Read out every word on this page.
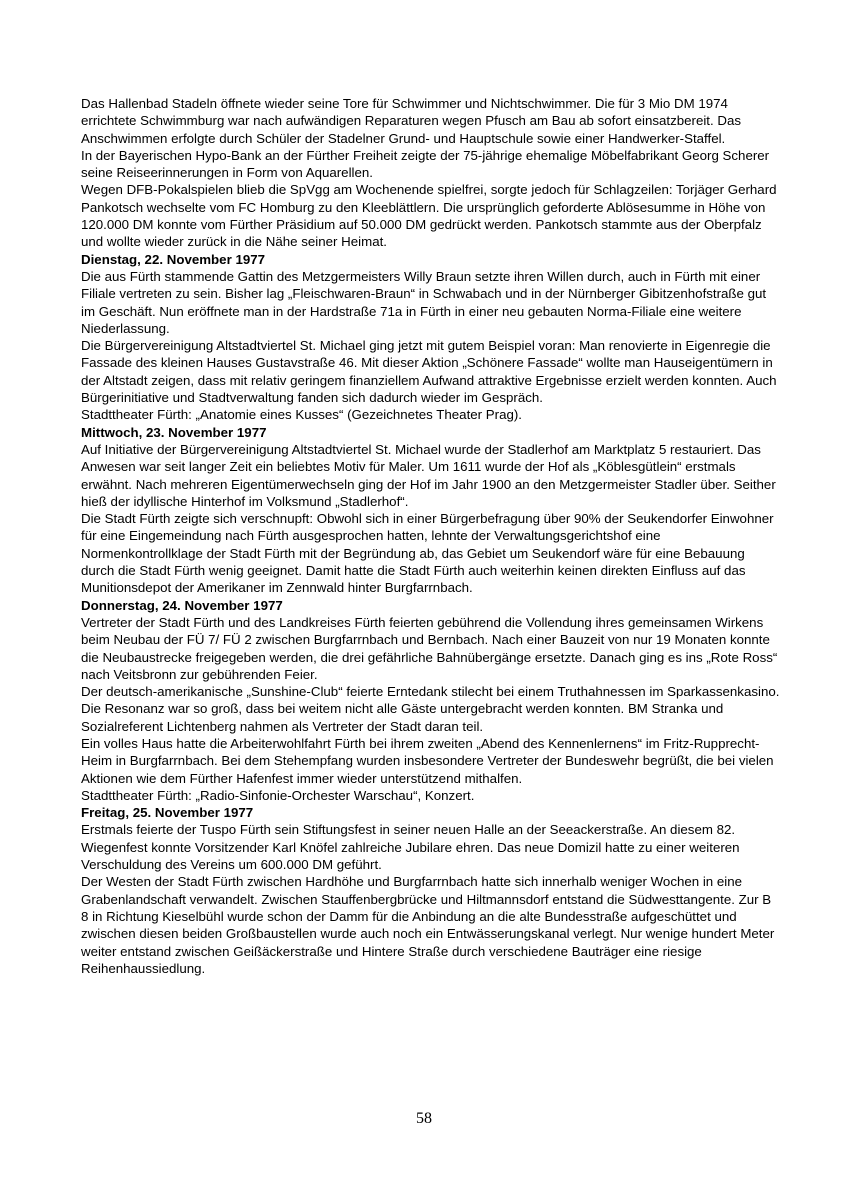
Das Hallenbad Stadeln öffnete wieder seine Tore für Schwimmer und Nichtschwimmer. Die für 3 Mio DM 1974 errichtete Schwimmburg war nach aufwändigen Reparaturen wegen Pfusch am Bau ab sofort einsatzbereit. Das Anschwimmen erfolgte durch Schüler der Stadelner Grund- und Hauptschule sowie einer Handwerker-Staffel.

In der Bayerischen Hypo-Bank an der Fürther Freiheit zeigte der 75-jährige ehemalige Möbelfabrikant Georg Scherer seine Reiseerinnerungen in Form von Aquarellen.

Wegen DFB-Pokalspielen blieb die SpVgg am Wochenende spielfrei, sorgte jedoch für Schlagzeilen: Torjäger Gerhard Pankotsch wechselte vom FC Homburg zu den Kleeblättlern. Die ursprünglich geforderte Ablösesumme in Höhe von 120.000 DM konnte vom Fürther Präsidium auf 50.000 DM gedrückt werden. Pankotsch stammte aus der Oberpfalz und wollte wieder zurück in die Nähe seiner Heimat.

Dienstag, 22. November 1977

Die aus Fürth stammende Gattin des Metzgermeisters Willy Braun setzte ihren Willen durch, auch in Fürth mit einer Filiale vertreten zu sein. Bisher lag „Fleischwaren-Braun“ in Schwabach und in der Nürnberger Gibitzenhofstraße gut im Geschäft. Nun eröffnete man in der Hardstraße 71a in Fürth in einer neu gebauten Norma-Filiale eine weitere Niederlassung.

Die Bürgervereinigung Altstadtviertel St. Michael ging jetzt mit gutem Beispiel voran: Man renovierte in Eigenregie die Fassade des kleinen Hauses Gustavstraße 46. Mit dieser Aktion „Schönere Fassade“ wollte man Hauseigentümern in der Altstadt zeigen, dass mit relativ geringem finanziellem Aufwand attraktive Ergebnisse erzielt werden konnten. Auch Bürgerinitiative und Stadtverwaltung fanden sich dadurch wieder im Gespräch.

Stadttheater Fürth: „Anatomie eines Kusses“ (Gezeichnetes Theater Prag).

Mittwoch, 23. November 1977

Auf Initiative der Bürgervereinigung Altstadtviertel St. Michael wurde der Stadlerhof am Marktplatz 5 restauriert. Das Anwesen war seit langer Zeit ein beliebtes Motiv für Maler. Um 1611 wurde der Hof als „Köblesgütlein“ erstmals erwähnt. Nach mehreren Eigentümerwechseln ging der Hof im Jahr 1900 an den Metzgermeister Stadler über. Seither hieß der idyllische Hinterhof im Volksmund „Stadlerhof“.

Die Stadt Fürth zeigte sich verschnupft: Obwohl sich in einer Bürgerbefragung über 90% der Seukendorfer Einwohner für eine Eingemeindung nach Fürth ausgesprochen hatten, lehnte der Verwaltungsgerichtshof eine Normenkontrollklage der Stadt Fürth mit der Begründung ab, das Gebiet um Seukendorf wäre für eine Bebauung durch die Stadt Fürth wenig geeignet. Damit hatte die Stadt Fürth auch weiterhin keinen direkten Einfluss auf das Munitionsdepot der Amerikaner im Zennwald hinter Burgfarrnbach.

Donnerstag, 24. November 1977

Vertreter der Stadt Fürth und des Landkreises Fürth feierten gebührend die Vollendung ihres gemeinsamen Wirkens beim Neubau der FÜ 7/ FÜ 2 zwischen Burgfarrnbach und Bernbach. Nach einer Bauzeit von nur 19 Monaten konnte die Neubaustrecke freigegeben werden, die drei gefährliche Bahnübergänge ersetzte. Danach ging es ins „Rote Ross“ nach Veitsbronn zur gebührenden Feier.

Der deutsch-amerikanische „Sunshine-Club“ feierte Erntedank stilecht bei einem Truthahnessen im Sparkassenkasino. Die Resonanz war so groß, dass bei weitem nicht alle Gäste untergebracht werden konnten. BM Stranka und Sozialreferent Lichtenberg nahmen als Vertreter der Stadt daran teil.

Ein volles Haus hatte die Arbeiterwohlfahrt Fürth bei ihrem zweiten „Abend des Kennenlernens“ im Fritz-Rupprecht-Heim in Burgfarrnbach. Bei dem Stehempfang wurden insbesondere Vertreter der Bundeswehr begrüßt, die bei vielen Aktionen wie dem Fürther Hafenfest immer wieder unterstützend mithalfen.

Stadttheater Fürth: „Radio-Sinfonie-Orchester Warschau“, Konzert.

Freitag, 25. November 1977

Erstmals feierte der Tuspo Fürth sein Stiftungsfest in seiner neuen Halle an der Seeackerstraße. An diesem 82. Wiegenfest konnte Vorsitzender Karl Knöfel zahlreiche Jubilare ehren. Das neue Domizil hatte zu einer weiteren Verschuldung des Vereins um 600.000 DM geführt.

Der Westen der Stadt Fürth zwischen Hardhöhe und Burgfarrnbach hatte sich innerhalb weniger Wochen in eine Grabenlandschaft verwandelt. Zwischen Stauffenbergbrücke und Hiltmannsdorf entstand die Südwesttangente. Zur B 8 in Richtung Kieselbühl wurde schon der Damm für die Anbindung an die alte Bundesstraße aufgeschüttet und zwischen diesen beiden Großbaustellen wurde auch noch ein Entwässerungskanal verlegt. Nur wenige hundert Meter weiter entstand zwischen Geißäckerstraße und Hintere Straße durch verschiedene Bauträger eine riesige Reihenhaussiedlung.

58
